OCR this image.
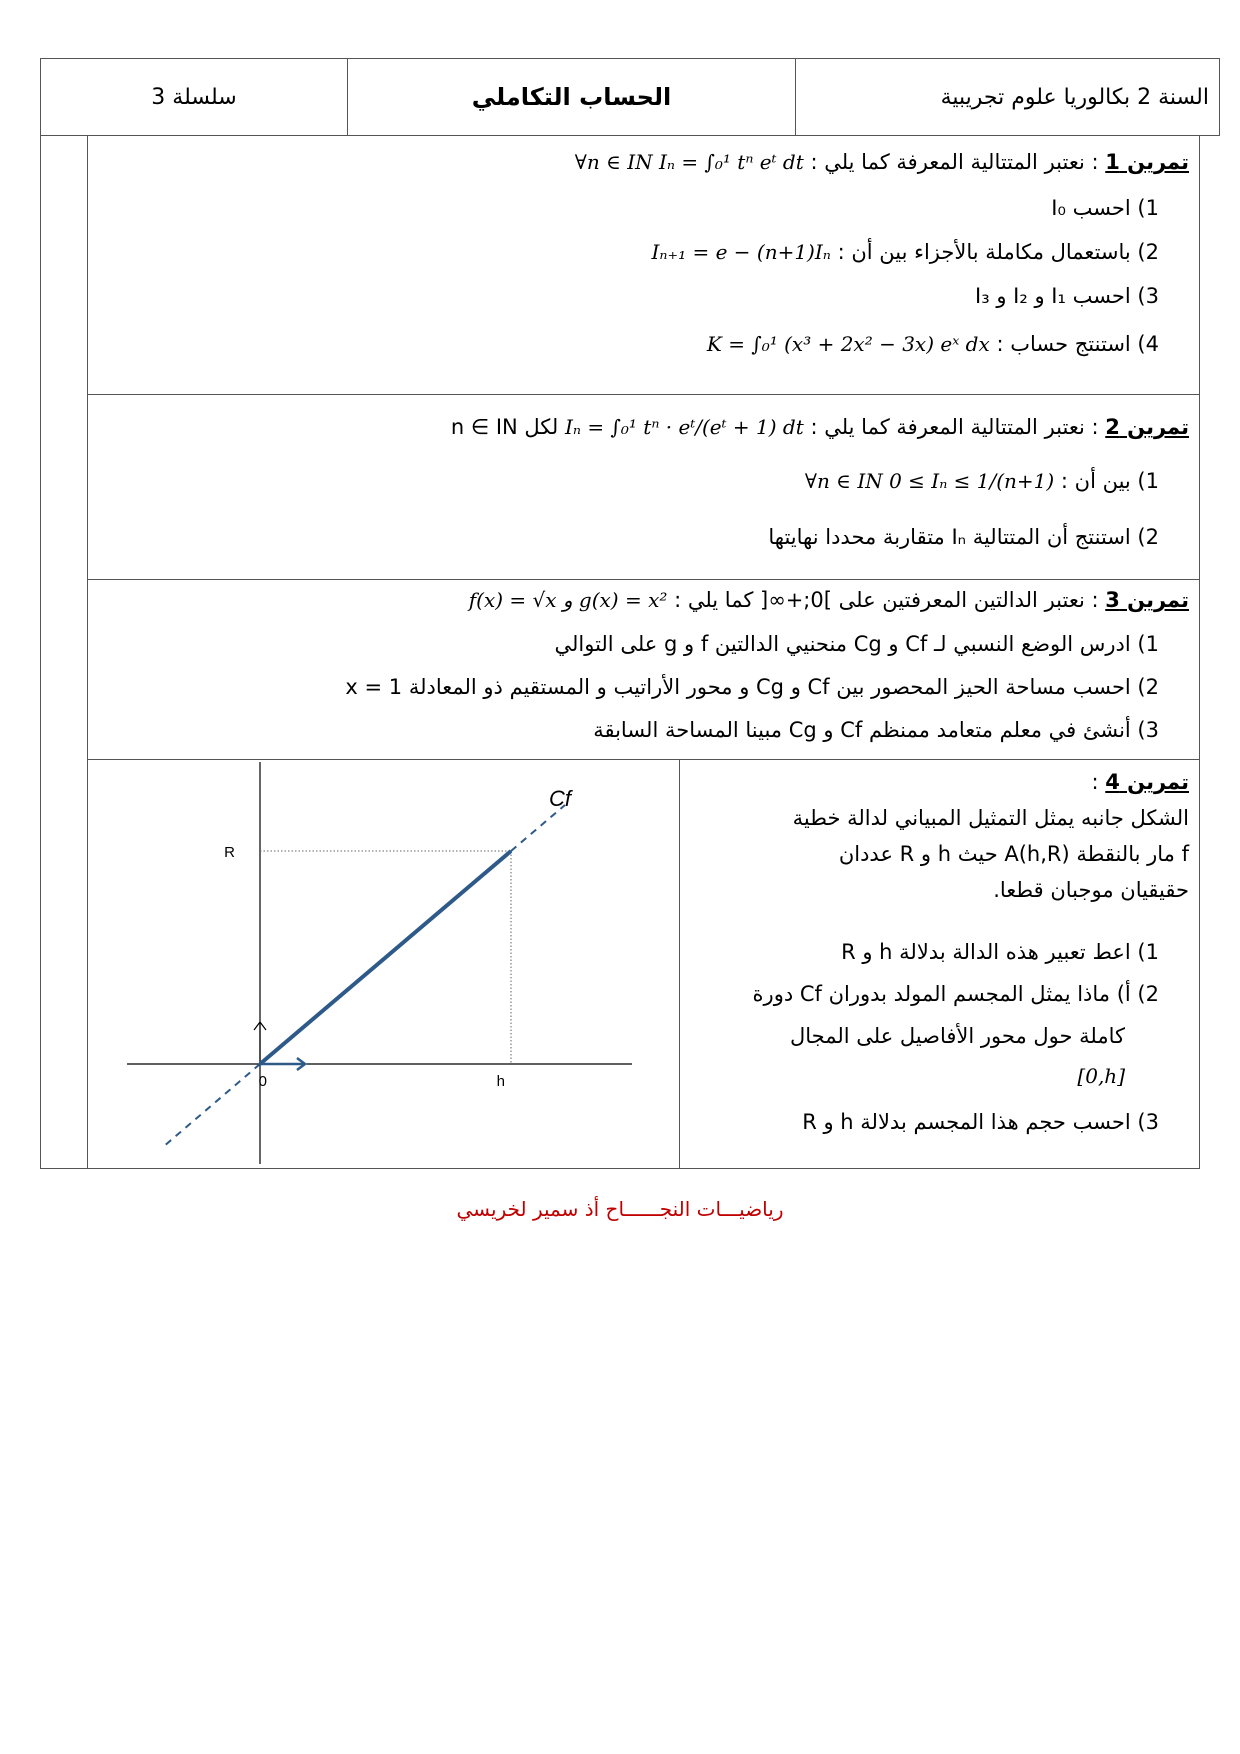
سلسلة 3	الحساب التكاملي	السنة 2 بكالوريا علوم تجريبية
تمرين 1 : نعتبر المتتالية المعرفة كما يلي : ∀n ∈ IN Iₙ = ∫₀¹ tⁿ eᵗ dt
1) احسب I₀
2) باستعمال مكاملة بالأجزاء بين أن : Iₙ₊₁ = e − (n+1)Iₙ
3) احسب I₁ و I₂ و I₃
4) استنتج حساب : K = ∫₀¹ (x³ + 2x² − 3x) eˣ dx
تمرين 2 : نعتبر المتتالية المعرفة كما يلي : Iₙ = ∫₀¹ tⁿ · eᵗ/(eᵗ + 1) dt لكل n ∈ IN
1) بين أن : ∀n ∈ IN 0 ≤ Iₙ ≤ 1/(n+1)
2) استنتج أن المتتالية Iₙ متقاربة محددا نهايتها
تمرين 3 : نعتبر الدالتين المعرفتين على ]0;+∞[ كما يلي : f(x) = √x و g(x) = x²
1) ادرس الوضع النسبي لـ Cf و Cg منحنيي الدالتين f و g على التوالي
2) احسب مساحة الحيز المحصور بين Cf و Cg و محور الأراتيب و المستقيم ذو المعادلة x = 1
3) أنشئ في معلم متعامد ممنظم Cf و Cg مبينا المساحة السابقة
تمرين 4 :
الشكل جانبه يمثل التمثيل المبياني لدالة خطية
f مار بالنقطة A(h,R) حيث h و R عددان
حقيقيان موجبان قطعا.
1) اعط تعبير هذه الدالة بدلالة h و R
2) أ) ماذا يمثل المجسم المولد بدوران Cf دورة
كاملة حول محور الأفاصيل على المجال
[0,h]
3) احسب حجم هذا المجسم بدلالة h و R
Cf
R
0	h
رياضيـــات النجــــــاح أذ سمير لخريسي
